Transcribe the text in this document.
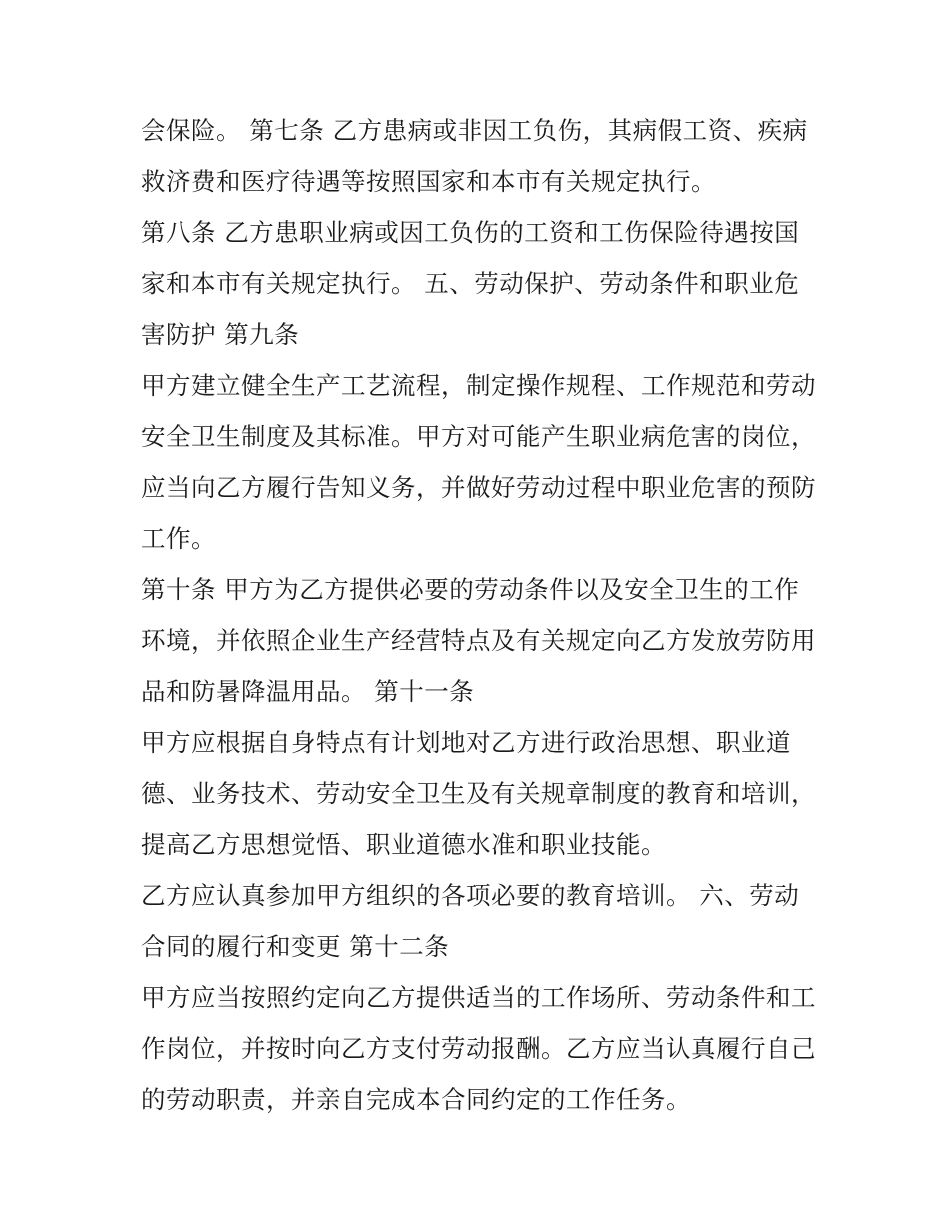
会保险。 第七条 乙方患病或非因工负伤，其病假工资、疾病
救济费和医疗待遇等按照国家和本市有关规定执行。
第八条 乙方患职业病或因工负伤的工资和工伤保险待遇按国
家和本市有关规定执行。 五、劳动保护、劳动条件和职业危
害防护 第九条
甲方建立健全生产工艺流程，制定操作规程、工作规范和劳动
安全卫生制度及其标准。甲方对可能产生职业病危害的岗位，
应当向乙方履行告知义务，并做好劳动过程中职业危害的预防
工作。
第十条 甲方为乙方提供必要的劳动条件以及安全卫生的工作
环境，并依照企业生产经营特点及有关规定向乙方发放劳防用
品和防暑降温用品。 第十一条
甲方应根据自身特点有计划地对乙方进行政治思想、职业道
德、业务技术、劳动安全卫生及有关规章制度的教育和培训，
提高乙方思想觉悟、职业道德水准和职业技能。
乙方应认真参加甲方组织的各项必要的教育培训。 六、劳动
合同的履行和变更 第十二条
甲方应当按照约定向乙方提供适当的工作场所、劳动条件和工
作岗位，并按时向乙方支付劳动报酬。乙方应当认真履行自己
的劳动职责，并亲自完成本合同约定的工作任务。
